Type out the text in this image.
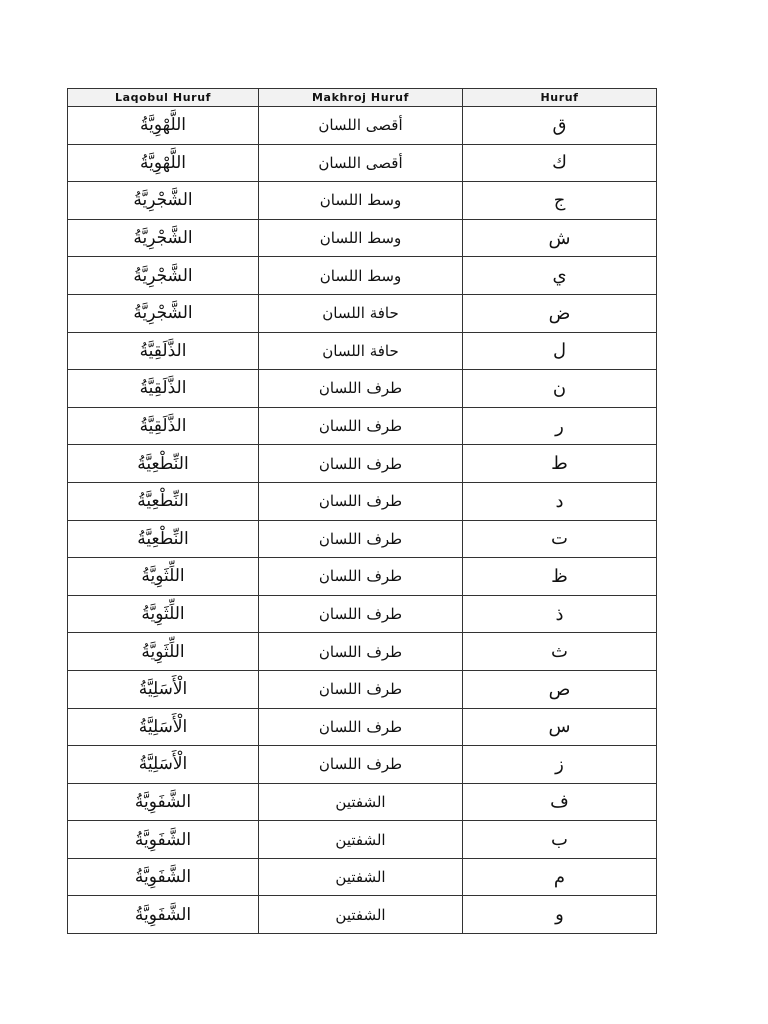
Laqobul Huruf	Makhroj Huruf	Huruf
اللَّهْوِيَّةُ	أقصى اللسان	ق
اللَّهْوِيَّةُ	أقصى اللسان	ك
الشَّجْرِيَّةُ	وسط اللسان	ج
الشَّجْرِيَّةُ	وسط اللسان	ش
الشَّجْرِيَّةُ	وسط اللسان	ي
الشَّجْرِيَّةُ	حافة اللسان	ض
الذَّلَقِيَّةُ	حافة اللسان	ل
الذَّلَقِيَّةُ	طرف اللسان	ن
الذَّلَقِيَّةُ	طرف اللسان	ر
النِّطْعِيَّةُ	طرف اللسان	ط
النِّطْعِيَّةُ	طرف اللسان	د
النِّطْعِيَّةُ	طرف اللسان	ت
اللِّثَوِيَّةُ	طرف اللسان	ظ
اللِّثَوِيَّةُ	طرف اللسان	ذ
اللِّثَوِيَّةُ	طرف اللسان	ث
الْأَسَلِيَّةُ	طرف اللسان	ص
الْأَسَلِيَّةُ	طرف اللسان	س
الْأَسَلِيَّةُ	طرف اللسان	ز
الشَّفَوِيَّةُ	الشفتين	ف
الشَّفَوِيَّةُ	الشفتين	ب
الشَّفَوِيَّةُ	الشفتين	م
الشَّفَوِيَّةُ	الشفتين	و
